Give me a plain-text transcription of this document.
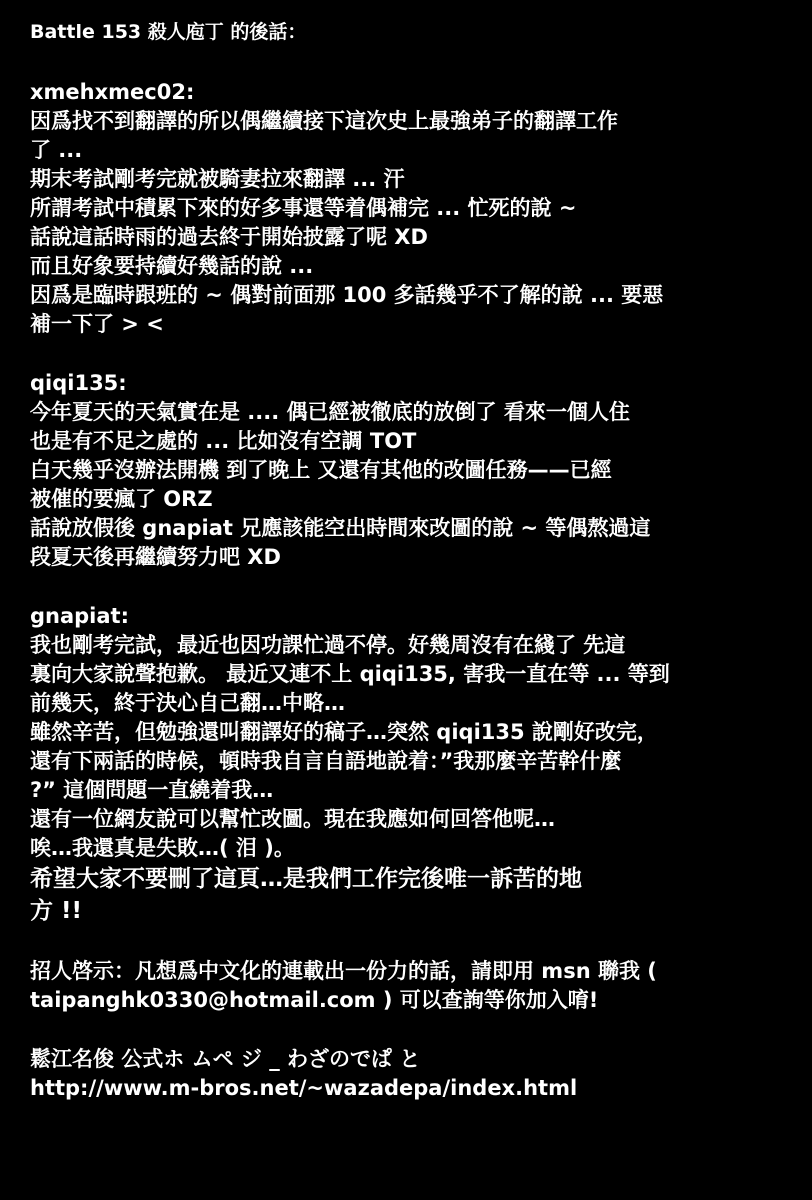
Battle 153 殺人庖丁 的後話：
xmehxmec02:
因爲找不到翻譯的所以偶繼續接下這次史上最強弟子的翻譯工作
了 ...
期末考試剛考完就被騎妻拉來翻譯 ... 汗
所謂考試中積累下來的好多事還等着偶補完 ... 忙死的說 ~
話說這話時雨的過去終于開始披露了呢 XD
而且好象要持續好幾話的說 ...
因爲是臨時跟班的 ~ 偶對前面那 100 多話幾乎不了解的說 ... 要惡
補一下了 > <
qiqi135:
今年夏天的天氣實在是 .... 偶已經被徹底的放倒了 看來一個人住
也是有不足之處的 ... 比如沒有空調 TOT
白天幾乎沒辦法開機 到了晚上 又還有其他的改圖任務——已經
被催的要瘋了 ORZ
話說放假後 gnapiat 兄應該能空出時間來改圖的說 ~ 等偶熬過這
段夏天後再繼續努力吧 XD
gnapiat:
我也剛考完試，最近也因功課忙過不停。好幾周沒有在綫了 先這
裏向大家說聲抱歉。 最近又連不上 qiqi135, 害我一直在等 ... 等到
前幾天，終于決心自己翻…中略…
雖然辛苦，但勉強還叫翻譯好的稿子…突然 qiqi135 說剛好改完，
還有下兩話的時候，頓時我自言自語地說着：”我那麼辛苦幹什麼
?” 這個問題一直繞着我…
還有一位網友說可以幫忙改圖。現在我應如何回答他呢…
唉…我還真是失敗…( 泪 )。
希望大家不要刪了這頁…是我們工作完後唯一訴苦的地
方 !!
招人啓示：凡想爲中文化的連載出一份力的話，請即用 msn 聯我 (
taipanghk0330@hotmail.com ) 可以查詢等你加入唷!
鬆江名俊 公式ホ ムペ ジ _ わざのでぱ と
http://www.m-bros.net/~wazadepa/index.html
